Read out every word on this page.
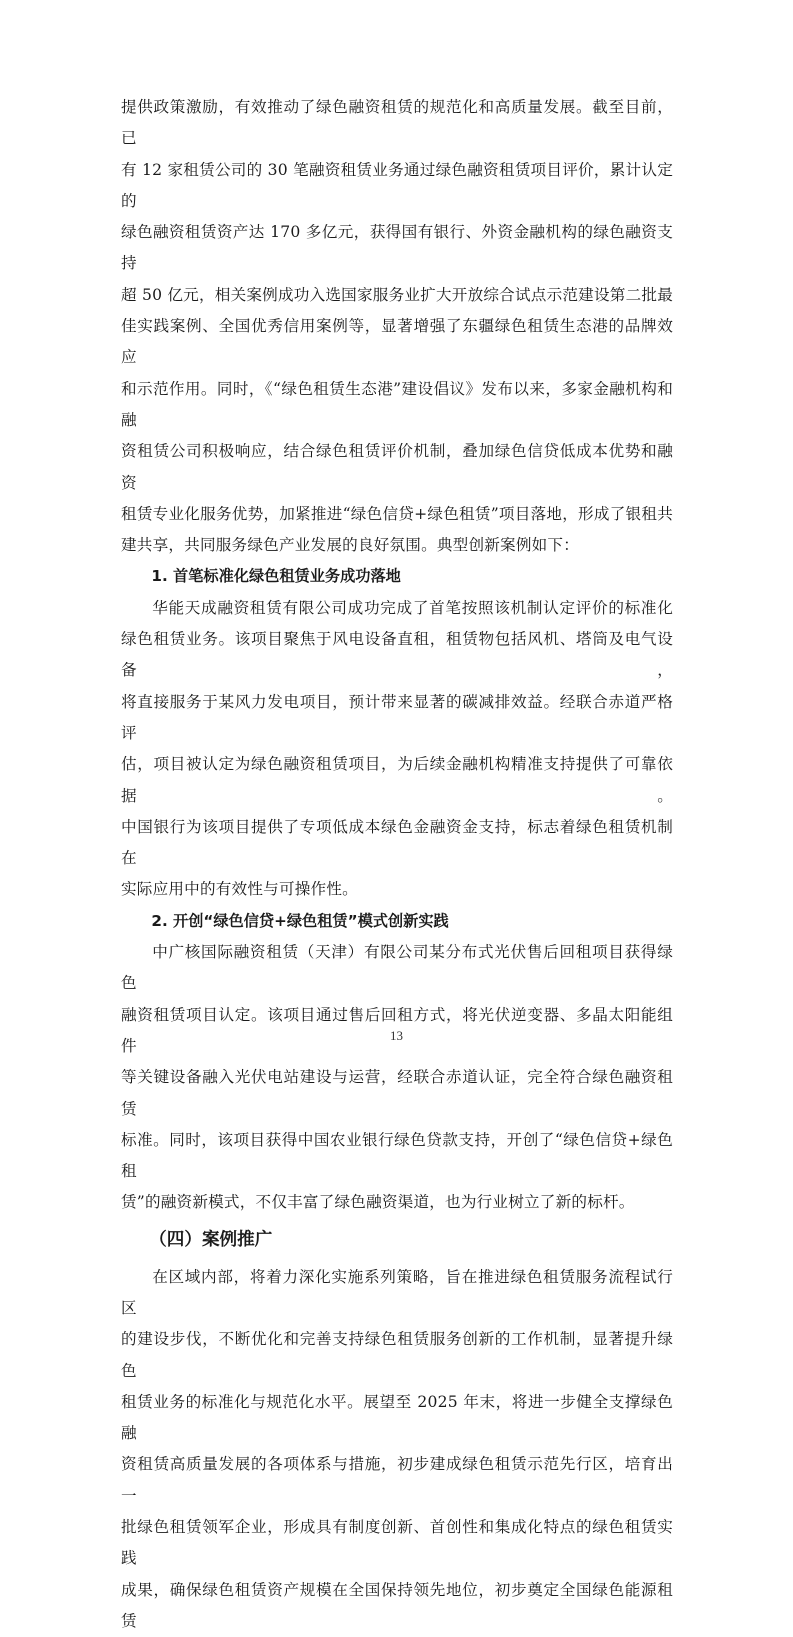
提供政策激励，有效推动了绿色融资租赁的规范化和高质量发展。截至目前，已

有 12 家租赁公司的 30 笔融资租赁业务通过绿色融资租赁项目评价，累计认定的

绿色融资租赁资产达 170 多亿元，获得国有银行、外资金融机构的绿色融资支持

超 50 亿元，相关案例成功入选国家服务业扩大开放综合试点示范建设第二批最

佳实践案例、全国优秀信用案例等，显著增强了东疆绿色租赁生态港的品牌效应

和示范作用。同时，《“绿色租赁生态港”建设倡议》发布以来，多家金融机构和融

资租赁公司积极响应，结合绿色租赁评价机制，叠加绿色信贷低成本优势和融资

租赁专业化服务优势，加紧推进“绿色信贷+绿色租赁”项目落地，形成了银租共

建共享，共同服务绿色产业发展的良好氛围。典型创新案例如下：

1. 首笔标准化绿色租赁业务成功落地

华能天成融资租赁有限公司成功完成了首笔按照该机制认定评价的标准化

绿色租赁业务。该项目聚焦于风电设备直租，租赁物包括风机、塔筒及电气设备，

将直接服务于某风力发电项目，预计带来显著的碳减排效益。经联合赤道严格评

估，项目被认定为绿色融资租赁项目，为后续金融机构精准支持提供了可靠依据。

中国银行为该项目提供了专项低成本绿色金融资金支持，标志着绿色租赁机制在

实际应用中的有效性与可操作性。

2. 开创“绿色信贷+绿色租赁”模式创新实践

中广核国际融资租赁（天津）有限公司某分布式光伏售后回租项目获得绿色

融资租赁项目认定。该项目通过售后回租方式，将光伏逆变器、多晶太阳能组件

等关键设备融入光伏电站建设与运营，经联合赤道认证，完全符合绿色融资租赁

标准。同时，该项目获得中国农业银行绿色贷款支持，开创了“绿色信贷+绿色租

赁”的融资新模式，不仅丰富了绿色融资渠道，也为行业树立了新的标杆。

（四）案例推广

在区域内部，将着力深化实施系列策略，旨在推进绿色租赁服务流程试行区

的建设步伐，不断优化和完善支持绿色租赁服务创新的工作机制，显著提升绿色

租赁业务的标准化与规范化水平。展望至 2025 年末，将进一步健全支撑绿色融

资租赁高质量发展的各项体系与措施，初步建成绿色租赁示范先行区，培育出一

批绿色租赁领军企业，形成具有制度创新、首创性和集成化特点的绿色租赁实践

成果，确保绿色租赁资产规模在全国保持领先地位，初步奠定全国绿色能源租赁

13
